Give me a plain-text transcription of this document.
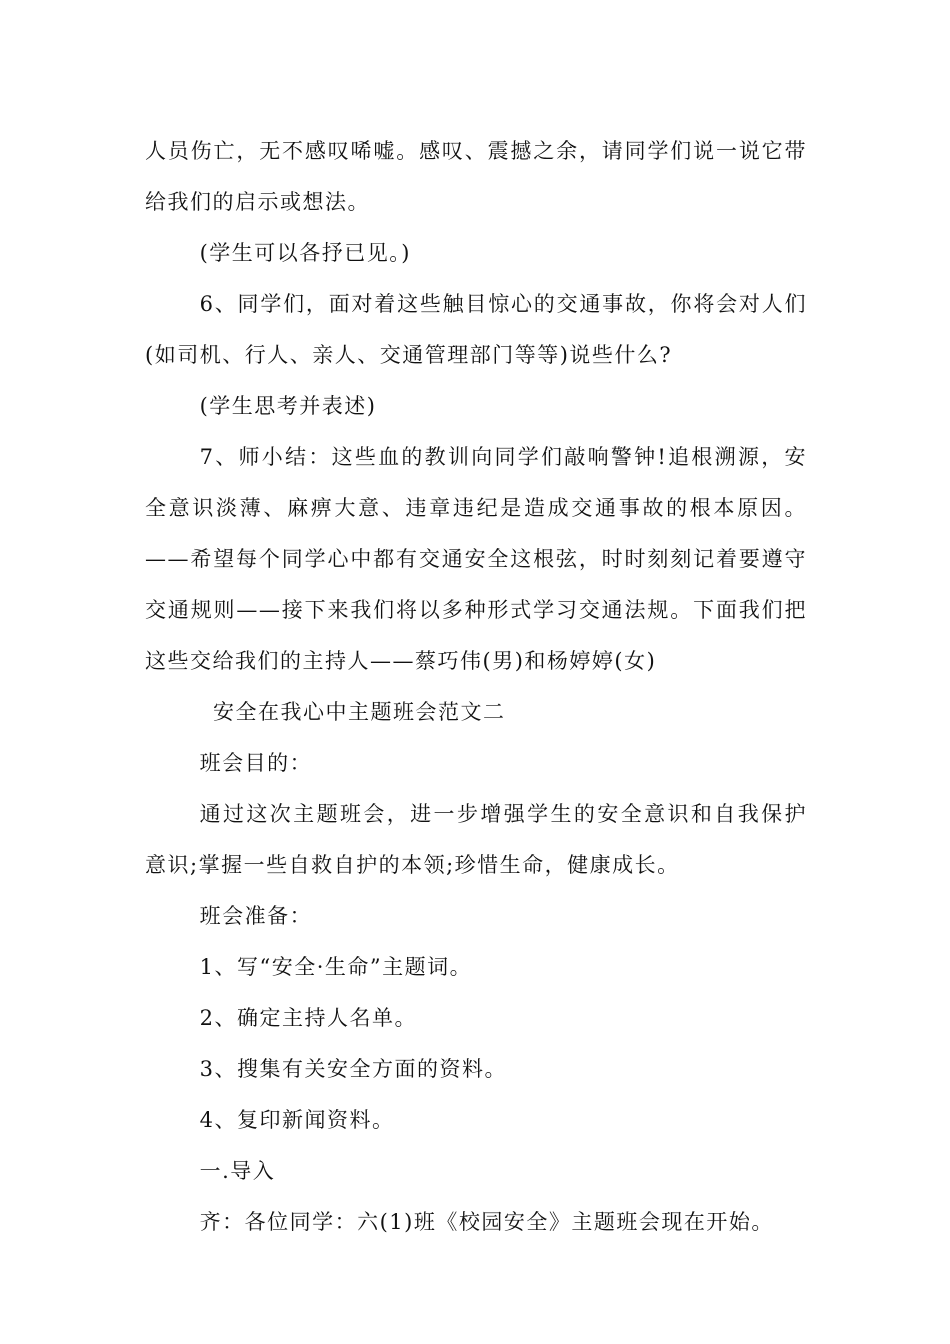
人员伤亡，无不感叹唏嘘。感叹、震撼之余，请同学们说一说它带给我们的启示或想法。

(学生可以各抒已见。)

6、同学们，面对着这些触目惊心的交通事故，你将会对人们(如司机、行人、亲人、交通管理部门等等)说些什么?

(学生思考并表述)

7、师小结：这些血的教训向同学们敲响警钟!追根溯源，安全意识淡薄、麻痹大意、违章违纪是造成交通事故的根本原因。——希望每个同学心中都有交通安全这根弦，时时刻刻记着要遵守交通规则——接下来我们将以多种形式学习交通法规。下面我们把这些交给我们的主持人——蔡巧伟(男)和杨婷婷(女)

安全在我心中主题班会范文二

班会目的：

通过这次主题班会，进一步增强学生的安全意识和自我保护意识;掌握一些自救自护的本领;珍惜生命，健康成长。

班会准备：

1、写“安全·生命”主题词。

2、确定主持人名单。

3、搜集有关安全方面的资料。

4、复印新闻资料。

一.导入

齐：各位同学：六(1)班《校园安全》主题班会现在开始。
